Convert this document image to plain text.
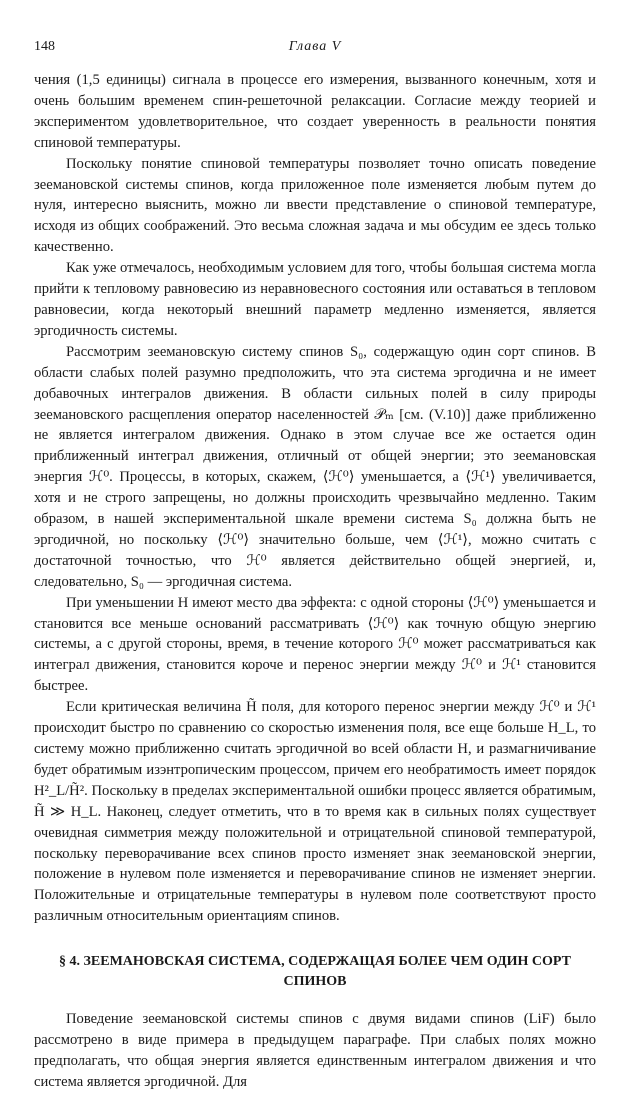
148	Глава V

чения (1,5 единицы) сигнала в процессе его измерения, вызванного конечным, хотя и очень большим временем спин-решеточной релаксации. Согласие между теорией и экспериментом удовлетворительное, что создает уверенность в реальности понятия спиновой температуры.

Поскольку понятие спиновой температуры позволяет точно описать поведение зеемановской системы спинов, когда приложенное поле изменяется любым путем до нуля, интересно выяснить, можно ли ввести представление о спиновой температуре, исходя из общих соображений. Это весьма сложная задача и мы обсудим ее здесь только качественно.

Как уже отмечалось, необходимым условием для того, чтобы большая система могла прийти к тепловому равновесию из неравновесного состояния или оставаться в тепловом равновесии, когда некоторый внешний параметр медленно изменяется, является эргодичность системы.

Рассмотрим зеемановскую систему спинов S₀, содержащую один сорт спинов. В области слабых полей разумно предположить, что эта система эргодична и не имеет добавочных интегралов движения. В области сильных полей в силу природы зеемановского расщепления оператор населенностей 𝒫ₘ [см. (V.10)] даже приближенно не является интегралом движения. Однако в этом случае все же остается один приближенный интеграл движения, отличный от общей энергии; это зеемановская энергия ℋ⁰. Процессы, в которых, скажем, ⟨ℋ⁰⟩ уменьшается, а ⟨ℋ¹⟩ увеличивается, хотя и не строго запрещены, но должны происходить чрезвычайно медленно. Таким образом, в нашей экспериментальной шкале времени система S₀ должна быть не эргодичной, но поскольку ⟨ℋ⁰⟩ значительно больше, чем ⟨ℋ¹⟩, можно считать с достаточной точностью, что ℋ⁰ является действительно общей энергией, и, следовательно, S₀ — эргодичная система.

При уменьшении H имеют место два эффекта: с одной стороны ⟨ℋ⁰⟩ уменьшается и становится все меньше оснований рассматривать ⟨ℋ⁰⟩ как точную общую энергию системы, а с другой стороны, время, в течение которого ℋ⁰ может рассматриваться как интеграл движения, становится короче и перенос энергии между ℋ⁰ и ℋ¹ становится быстрее.

Если критическая величина H̃ поля, для которого перенос энергии между ℋ⁰ и ℋ¹ происходит быстро по сравнению со скоростью изменения поля, все еще больше H_L, то систему можно приближенно считать эргодичной во всей области H, и размагничивание будет обратимым изэнтропическим процессом, причем его необратимость имеет порядок H²_L/H̃². Поскольку в пределах экспериментальной ошибки процесс является обратимым, H̃ ≫ H_L. Наконец, следует отметить, что в то время как в сильных полях существует очевидная симметрия между положительной и отрицательной спиновой температурой, поскольку переворачивание всех спинов просто изменяет знак зеемановской энергии, положение в нулевом поле изменяется и переворачивание спинов не изменяет энергии. Положительные и отрицательные температуры в нулевом поле соответствуют просто различным относительным ориентациям спинов.

§ 4. ЗЕЕМАНОВСКАЯ СИСТЕМА, СОДЕРЖАЩАЯ БОЛЕЕ ЧЕМ ОДИН СОРТ СПИНОВ

Поведение зеемановской системы спинов с двумя видами спинов (LiF) было рассмотрено в виде примера в предыдущем параграфе. При слабых полях можно предполагать, что общая энергия является единственным интегралом движения и что система является эргодичной. Для
